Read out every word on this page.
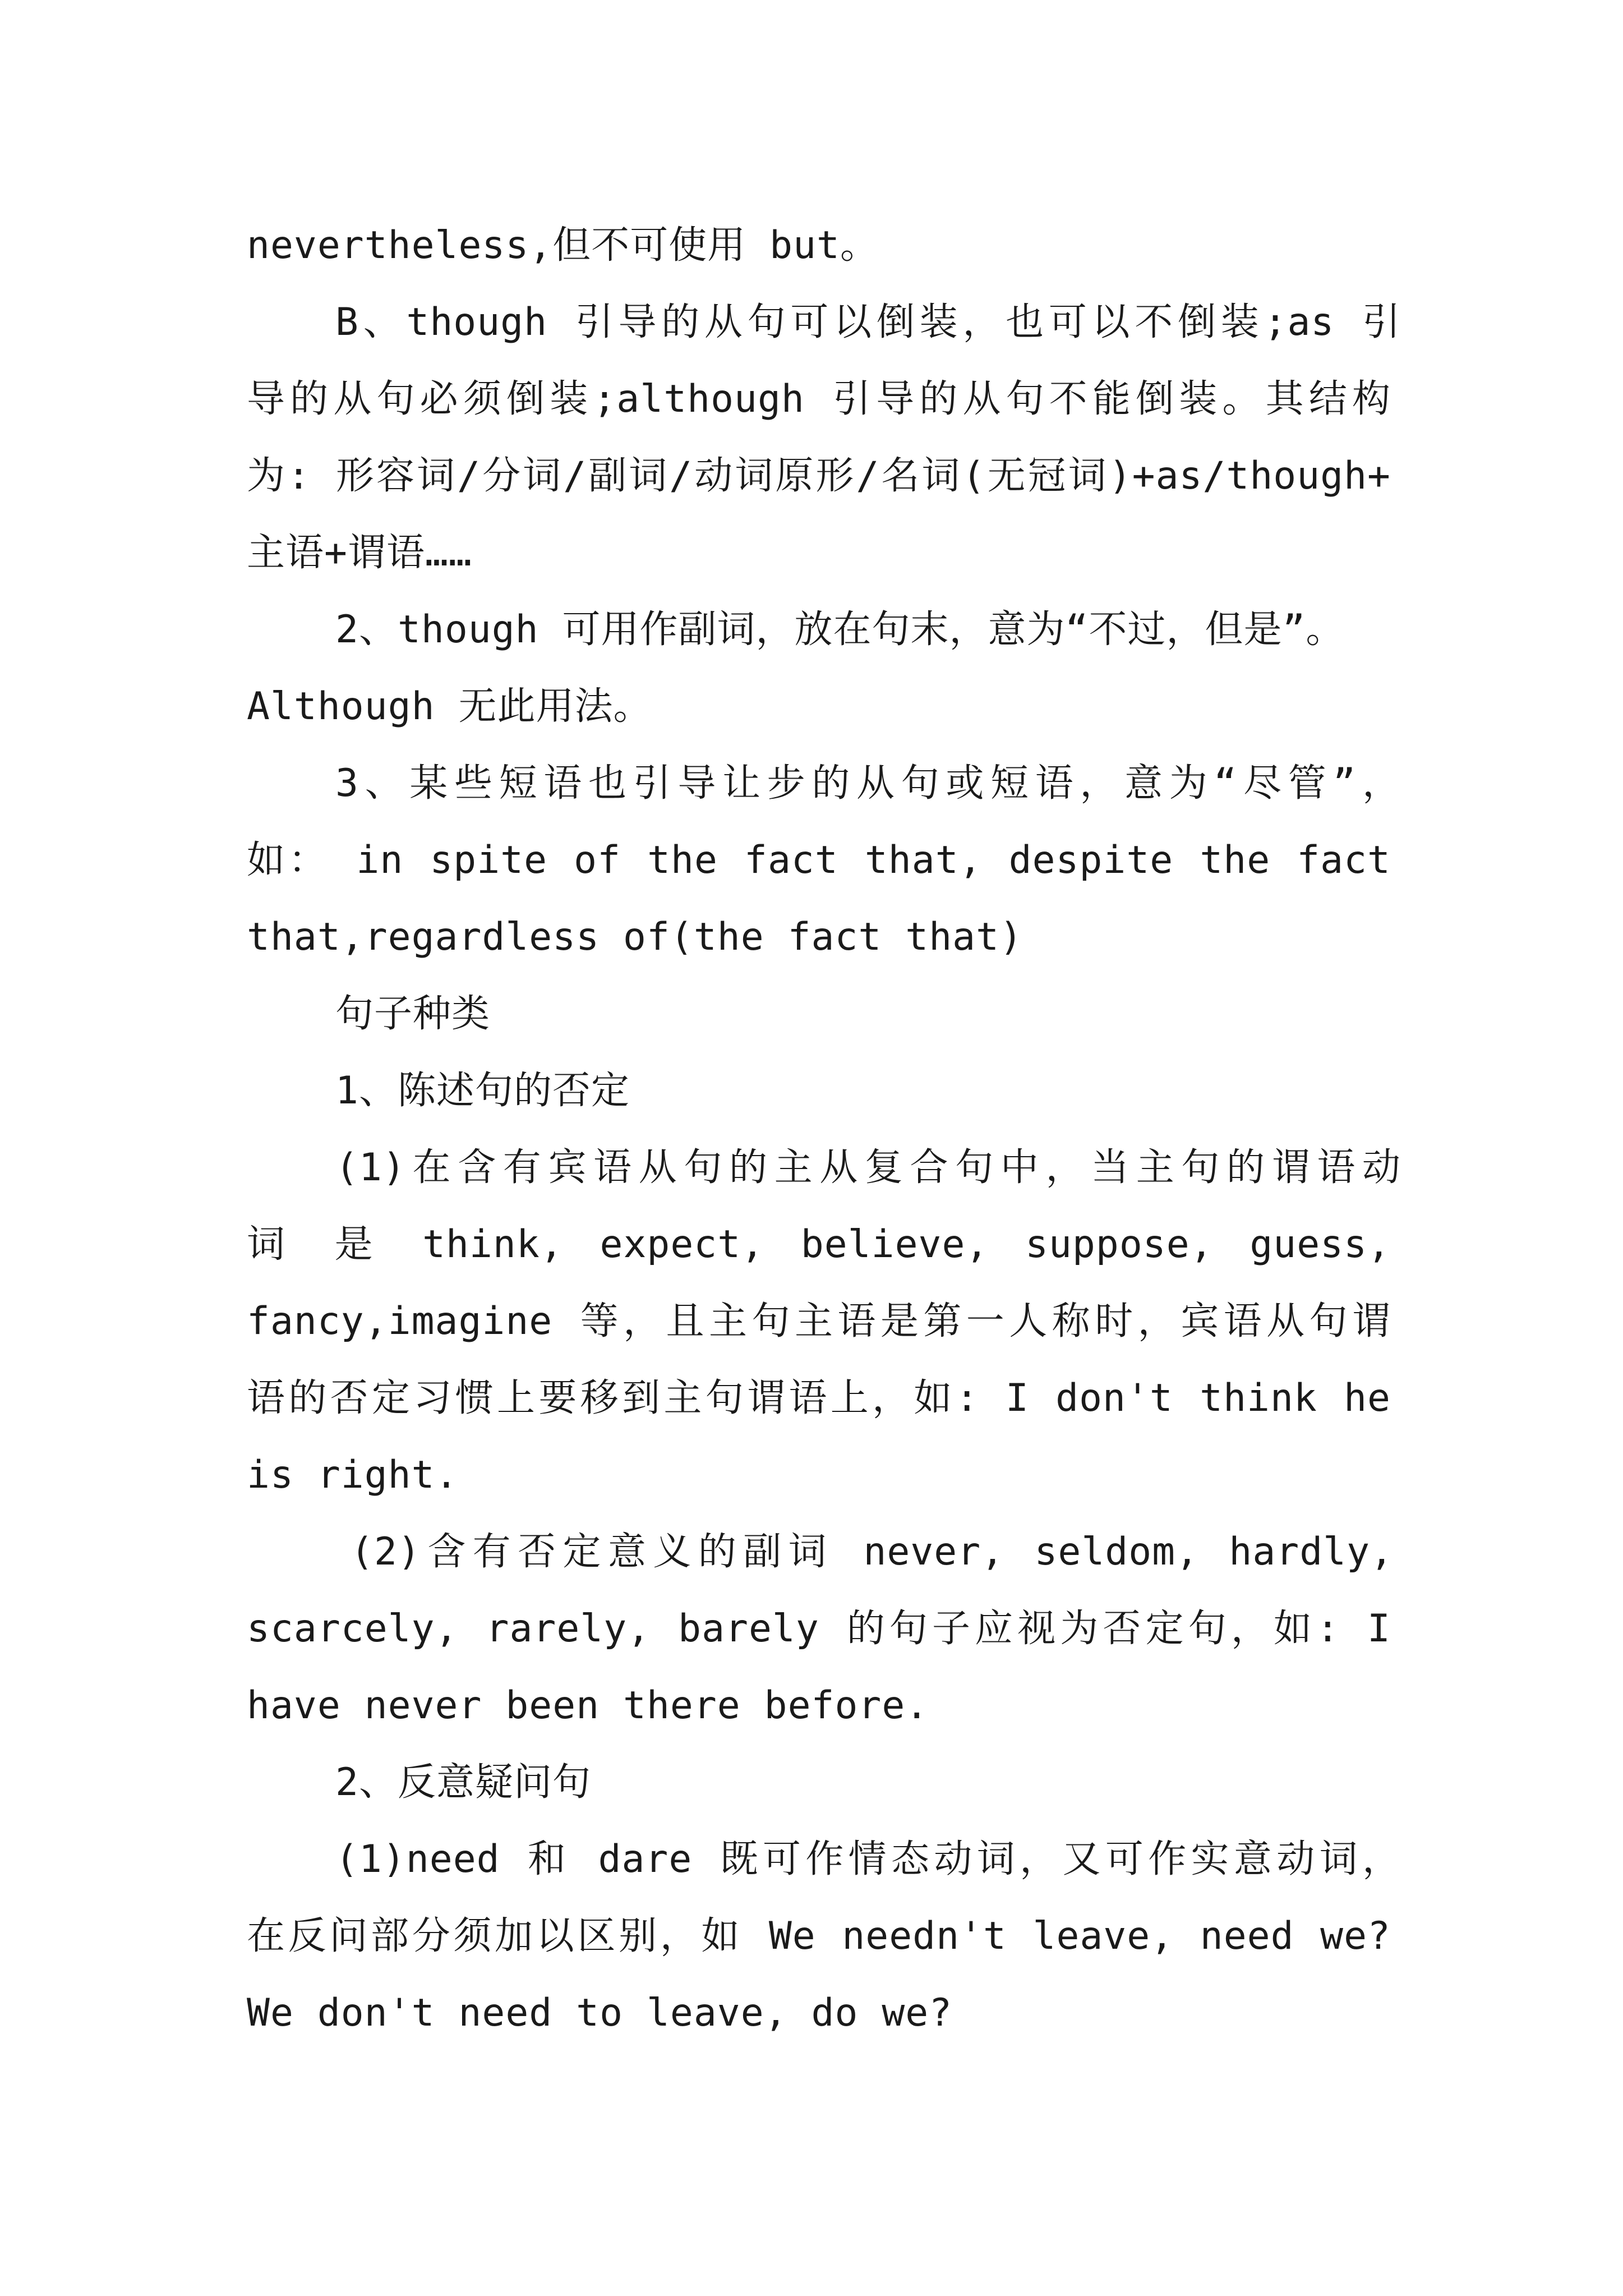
nevertheless,但不可使用 but。
B、though 引导的从句可以倒装，也可以不倒装;as 引
导的从句必须倒装;although 引导的从句不能倒装。其结构
为: 形容词/分词/副词/动词原形/名词(无冠词)+as/though+
主语+谓语……
2、though 可用作副词，放在句末，意为“不过，但是”。
Although 无此用法。
3、某些短语也引导让步的从句或短语，意为“尽管”，
如： in spite of the fact that, despite the fact
that,regardless of(the fact that)
句子种类
1、陈述句的否定
(1)在含有宾语从句的主从复合句中，当主句的谓语动
词 是 think, expect, believe, suppose, guess,
fancy,imagine 等，且主句主语是第一人称时，宾语从句谓
语的否定习惯上要移到主句谓语上，如: I don't think he
is right.
(2)含有否定意义的副词 never, seldom, hardly,
scarcely, rarely, barely 的句子应视为否定句，如: I
have never been there before.
2、反意疑问句
(1)need 和 dare 既可作情态动词，又可作实意动词，
在反问部分须加以区别，如 We needn't leave, need we?
We don't need to leave, do we?
